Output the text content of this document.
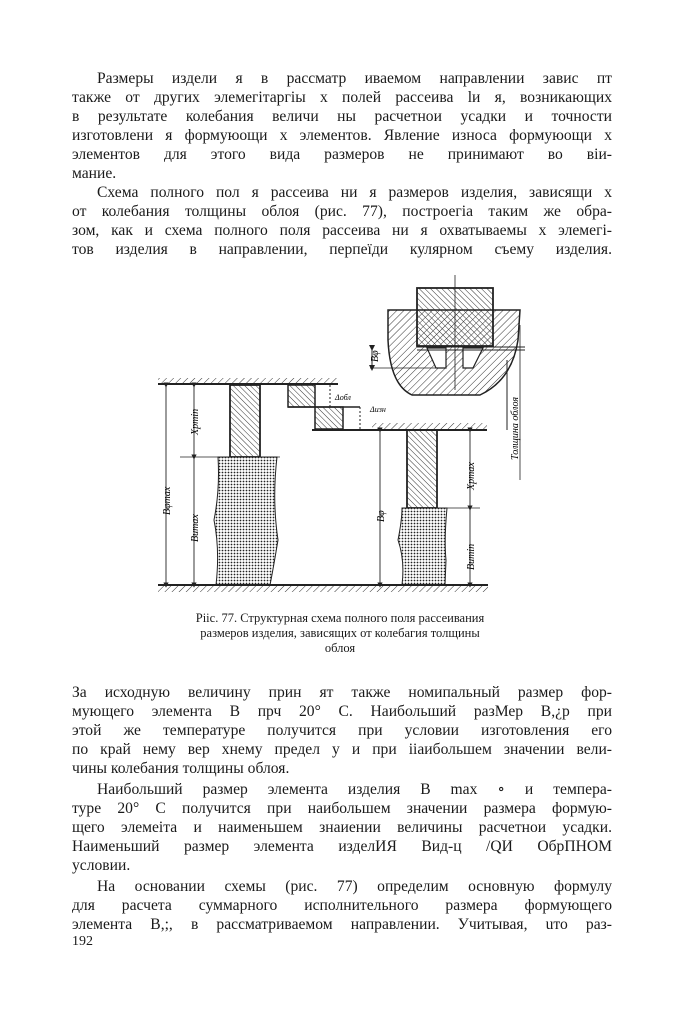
Размеры издели я в рассматр иваемом направлении завис пт
также от других элемегітаргіы х полей рассеива lи я, возникающих
в результате колебания величи ны расчетнои усадки и точности
изготовлени я формуюощи х элементов. Явление износа формуюощи х
элементов для этого вида размеров не принимают во віи-
мание.
Схема полного пол я рассеива ни я размеров изделия, зависящи х
от колебания толщины облоя (рис. 77), построегіа таким же обра-
зом, как и схема полного поля рассеива ни я охватываемы х элемегі-
тов изделия в направлении, перпеїди кулярном съему изделия.
Bφ
Толщина облоя
Δобл
Δизн
Bφmax
Xpmin
Bumax	Bφ
Xpmax
Bumin
Piic. 77. Структурная схема полного поля рассеивания
размеров изделия, зависящих от колебагия толщины
облоя
За исходную величину прин ят также номипальный размер фор-
мующего элемента B прч 20° С. Наибольший разМер B,¿p при
этой же температуре получится при условии изготовления его
по край нему вер хнему предел у и при iiаибольшем значении вели-
чины колебания толщины облоя.
Наибольший размер элемента изделия B max ∘ и темпера-
туре 20° С получится при наибольшем значении размера формую-
щего элемеiта и наименьшем знаиении величины расчетнои усадки.
Наименьший размер элемента изделИЯ Bид-ц /QИ ОбрПНОМ
условии.
На основании схемы (рис. 77) определим основную формулу
для расчета суммарного исполнительного размера формующего
элемента B,;, в рассматриваемом направлении. Учитывая, uто раз-
192
